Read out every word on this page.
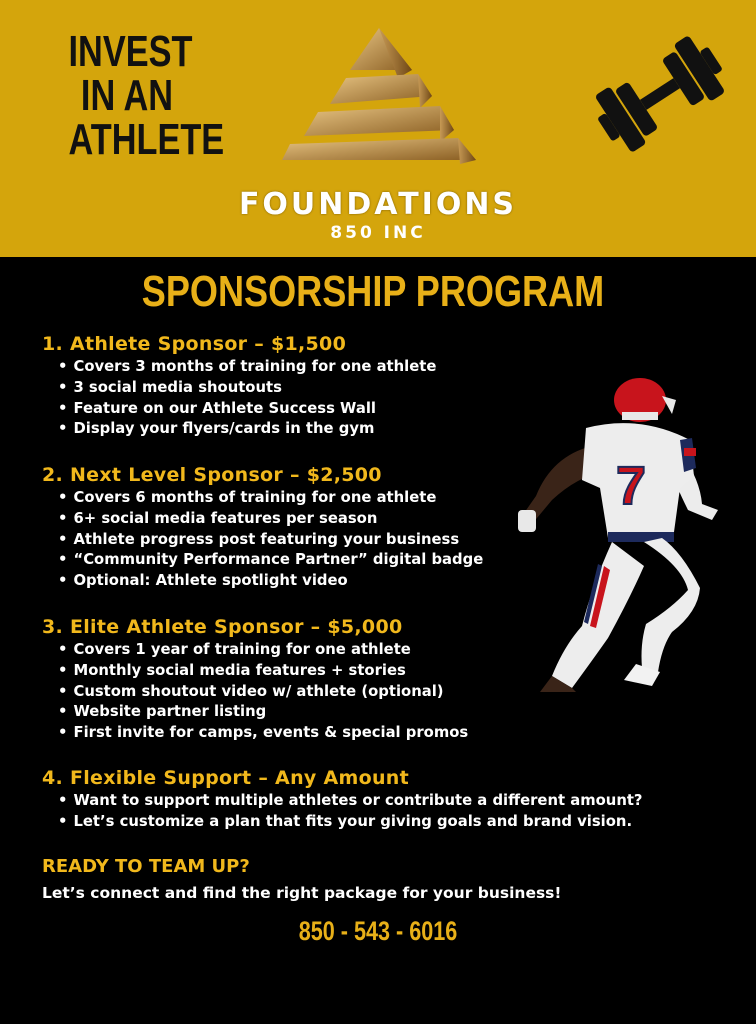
INVEST
IN AN
ATHLETE
FOUNDATIONS
850 INC
SPONSORSHIP PROGRAM

1. Athlete Sponsor – $1,500

• Covers 3 months of training for one athlete
• 3 social media shoutouts
• Feature on our Athlete Success Wall
• Display your flyers/cards in the gym

2. Next Level Sponsor – $2,500

• Covers 6 months of training for one athlete
• 6+ social media features per season
• Athlete progress post featuring your business
• “Community Performance Partner” digital badge
• Optional: Athlete spotlight video

3. Elite Athlete Sponsor – $5,000

• Covers 1 year of training for one athlete
• Monthly social media features + stories
• Custom shoutout video w/ athlete (optional)
• Website partner listing
• First invite for camps, events & special promos

4. Flexible Support – Any Amount

• Want to support multiple athletes or contribute a different amount?
• Let’s customize a plan that fits your giving goals and brand vision.
7
READY TO TEAM UP?
Let’s connect and find the right package for your business!
850 - 543 - 6016
